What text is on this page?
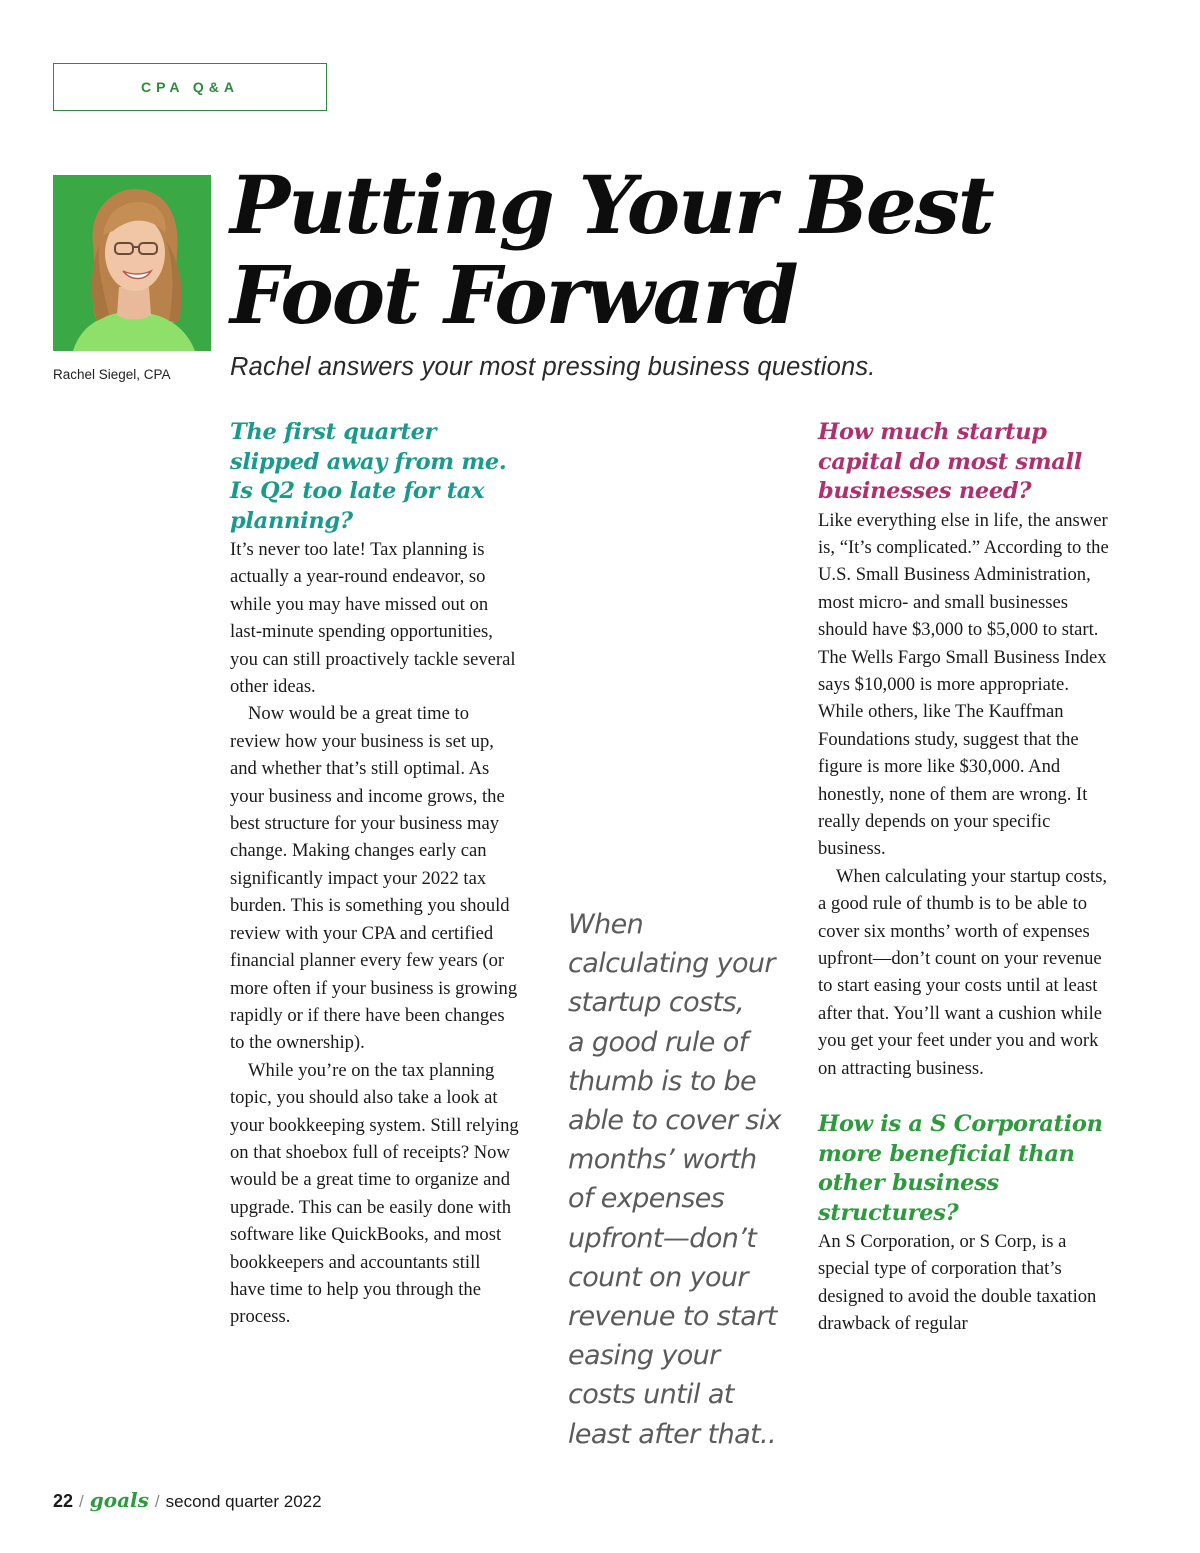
CPA Q&A
Rachel Siegel, CPA
Putting Your Best
Foot Forward
Rachel answers your most pressing business questions.
The first quarter slipped away from me. Is Q2 too late for tax planning?

It’s never too late! Tax planning is actually a year-round endeavor, so while you may have missed out on last-minute spending opportunities, you can still proactively tackle several other ideas.

Now would be a great time to review how your business is set up, and whether that’s still optimal. As your business and income grows, the best structure for your business may change. Making changes early can significantly impact your 2022 tax burden. This is something you should review with your CPA and certified financial planner every few years (or more often if your business is growing rapidly or if there have been changes to the ownership).

While you’re on the tax planning topic, you should also take a look at your bookkeeping system. Still relying on that shoebox full of receipts? Now would be a great time to organize and upgrade. This can be easily done with software like QuickBooks, and most bookkeepers and accountants still have time to help you through the process.

When
calculating your
startup costs,
a good rule of
thumb is to be
able to cover six
months’ worth
of expenses
upfront—don’t
count on your
revenue to start
easing your
costs until at
least after that..
How much startup capital do most small businesses need?

Like everything else in life, the answer is, “It’s complicated.” According to the U.S. Small Business Administration, most micro- and small businesses should have $3,000 to $5,000 to start. The Wells Fargo Small Business Index says $10,000 is more appropriate. While others, like The Kauffman Foundations study, suggest that the figure is more like $30,000. And honestly, none of them are wrong. It really depends on your specific business.

When calculating your startup costs, a good rule of thumb is to be able to cover six months’ worth of expenses upfront—don’t count on your revenue to start easing your costs until at least after that. You’ll want a cushion while you get your feet under you and work on attracting business.

How is a S Corporation more beneficial than other business structures?

An S Corporation, or S Corp, is a special type of corporation that’s designed to avoid the double taxation drawback of regular

22 / goals / second quarter 2022
